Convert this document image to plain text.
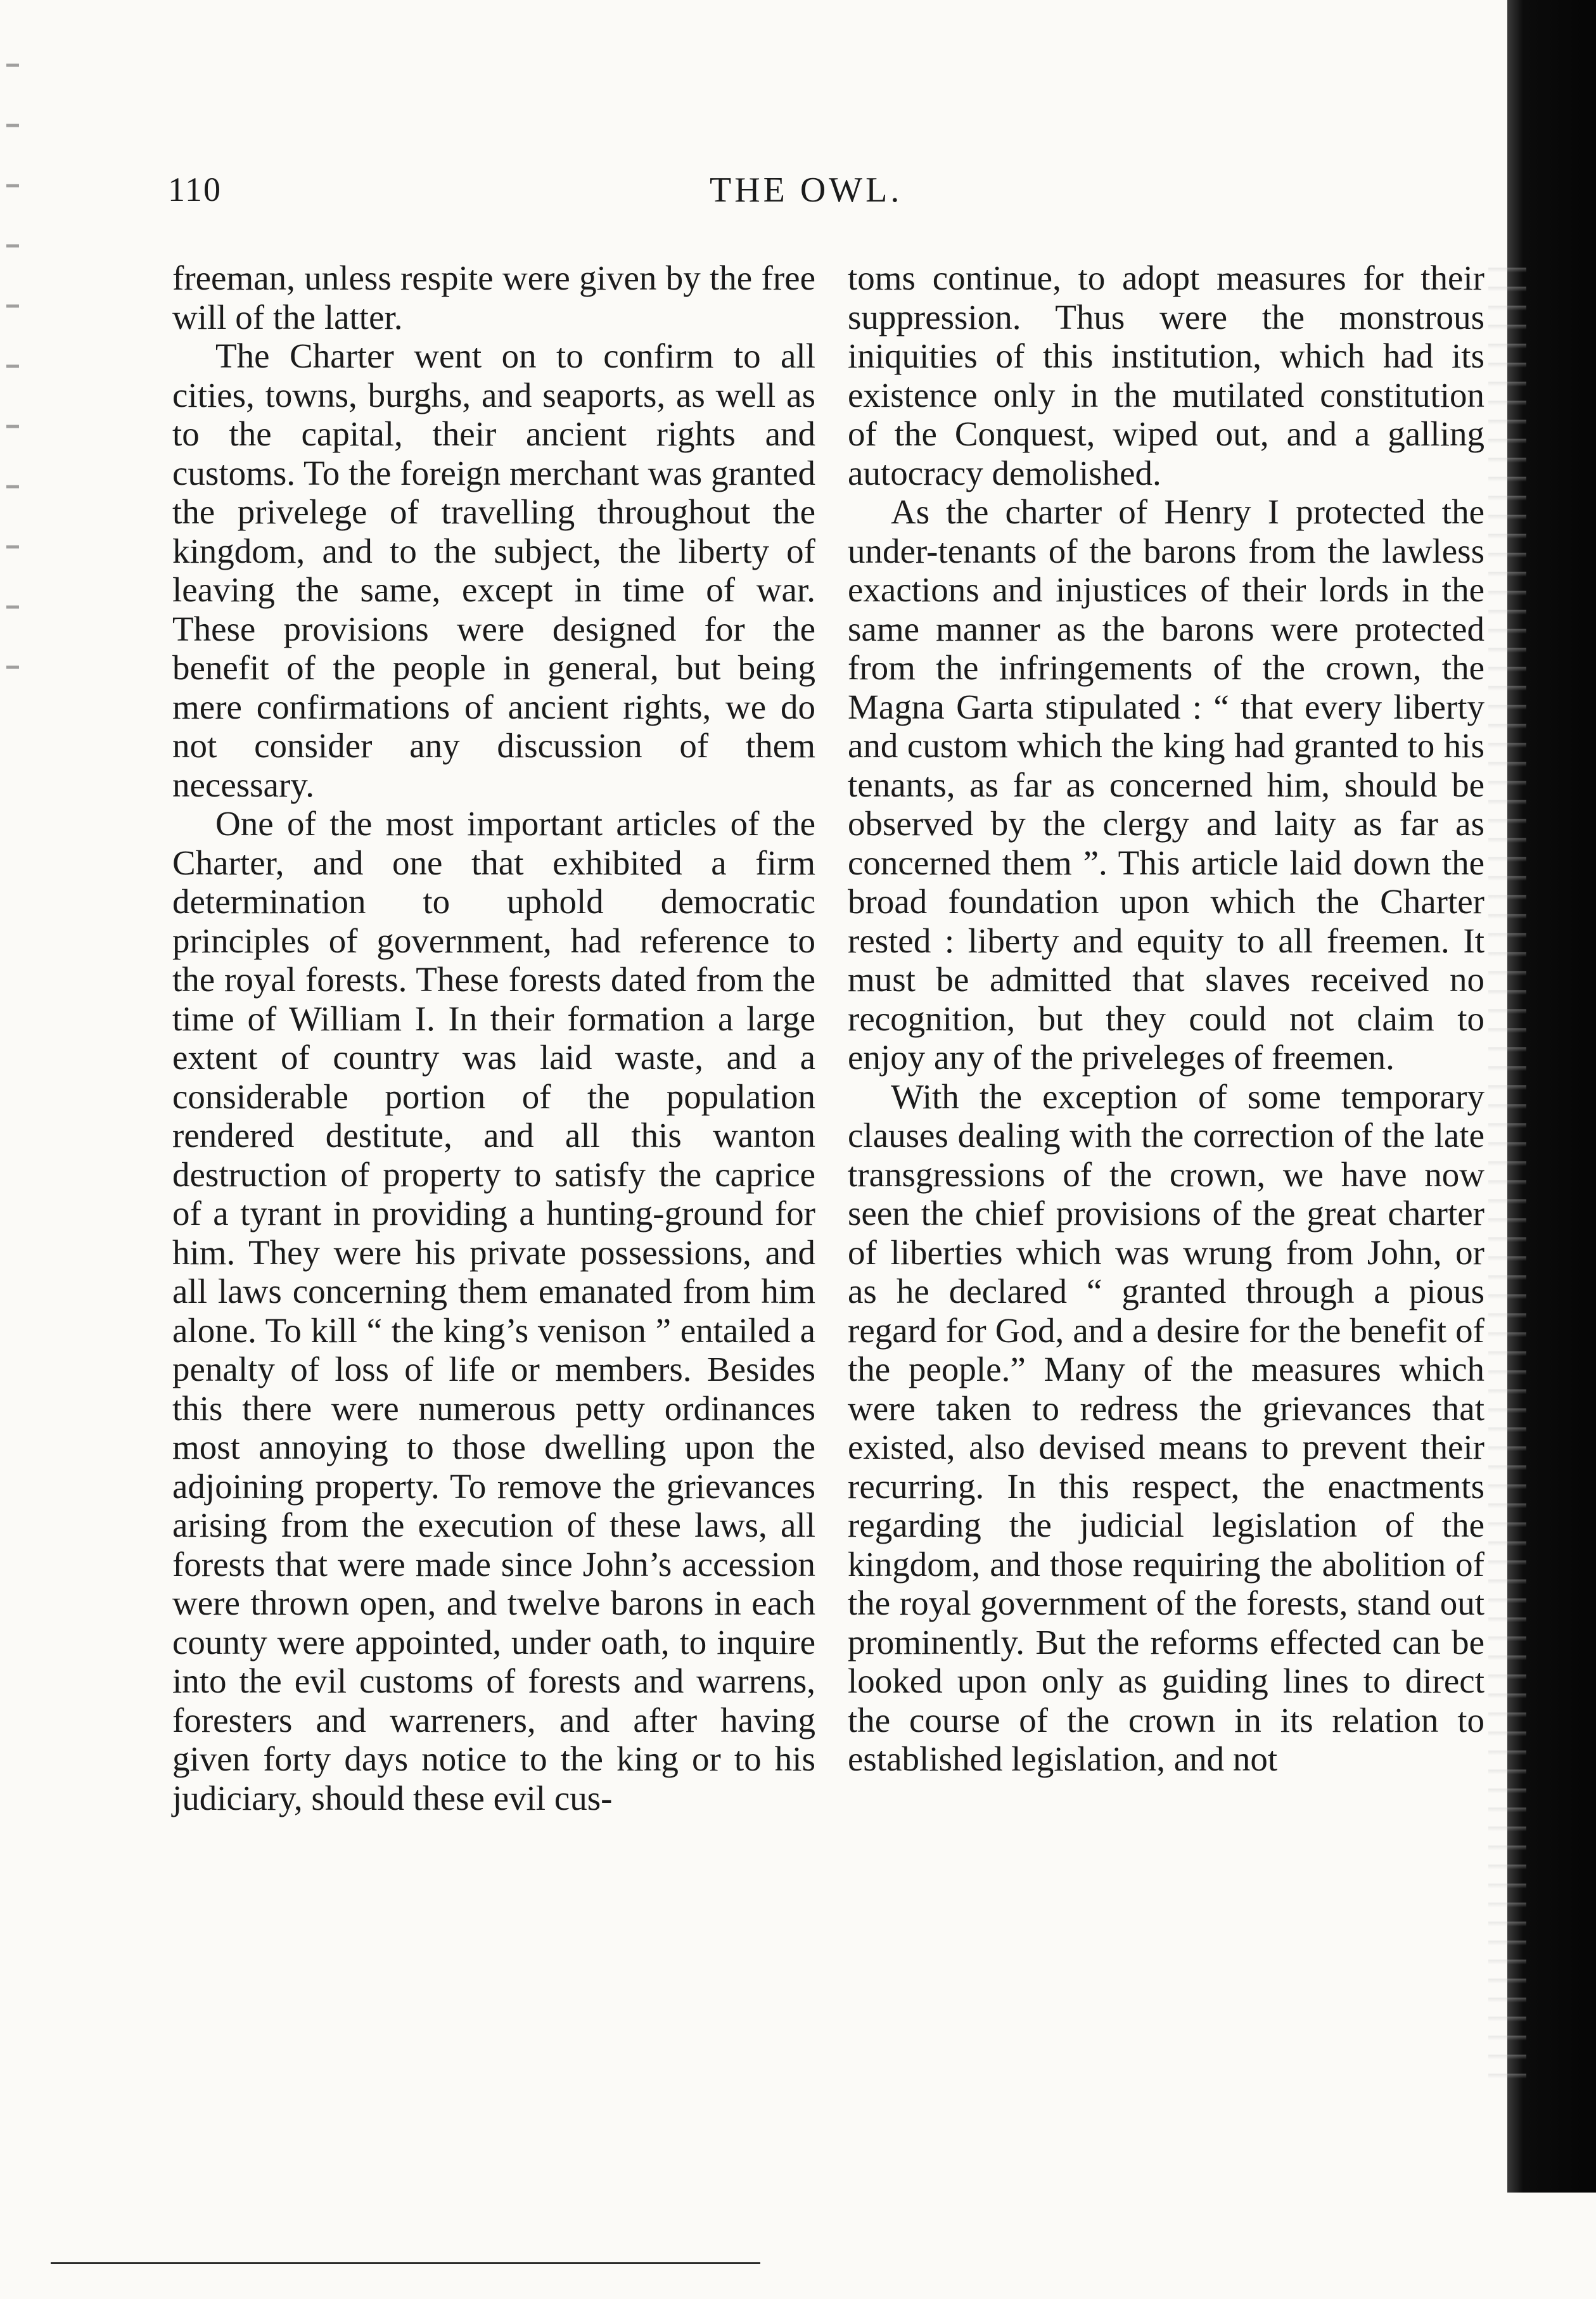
110	THE OWL.

freeman, unless respite were given by the free will of the latter.

The Charter went on to confirm to all cities, towns, burghs, and seaports, as well as to the capital, their ancient rights and customs. To the foreign merchant was granted the privelege of travelling throughout the kingdom, and to the subject, the liberty of leaving the same, except in time of war. These provisions were designed for the benefit of the people in general, but being mere confirmations of ancient rights, we do not consider any discussion of them necessary.

One of the most important articles of the Charter, and one that exhibited a firm determination to uphold democratic principles of government, had reference to the royal forests. These forests dated from the time of William I. In their formation a large extent of country was laid waste, and a considerable portion of the population rendered destitute, and all this wanton destruction of property to satisfy the caprice of a tyrant in providing a hunting-ground for him. They were his private possessions, and all laws concerning them emanated from him alone. To kill “ the king’s venison ” entailed a penalty of loss of life or members. Besides this there were numerous petty ordinances most annoying to those dwelling upon the adjoining property. To remove the grievances arising from the execution of these laws, all forests that were made since John’s accession were thrown open, and twelve barons in each county were appointed, under oath, to inquire into the evil customs of forests and warrens, foresters and warreners, and after having given forty days notice to the king or to his judiciary, should these evil cus-

toms continue, to adopt measures for their suppression. Thus were the monstrous iniquities of this institution, which had its existence only in the mutilated constitution of the Conquest, wiped out, and a galling autocracy demolished.

As the charter of Henry I protected the under-tenants of the barons from the lawless exactions and injustices of their lords in the same manner as the barons were protected from the infringements of the crown, the Magna Garta stipulated : “ that every liberty and custom which the king had granted to his tenants, as far as concerned him, should be observed by the clergy and laity as far as concerned them ”. This article laid down the broad foundation upon which the Charter rested : liberty and equity to all freemen. It must be admitted that slaves received no recognition, but they could not claim to enjoy any of the priveleges of freemen.

With the exception of some temporary clauses dealing with the correction of the late transgressions of the crown, we have now seen the chief provisions of the great charter of liberties which was wrung from John, or as he declared “ granted through a pious regard for God, and a desire for the benefit of the people.” Many of the measures which were taken to redress the grievances that existed, also devised means to prevent their recurring. In this respect, the enactments regarding the judicial legislation of the kingdom, and those requiring the abolition of the royal government of the forests, stand out prominently. But the reforms effected can be looked upon only as guiding lines to direct the course of the crown in its relation to established legislation, and not
